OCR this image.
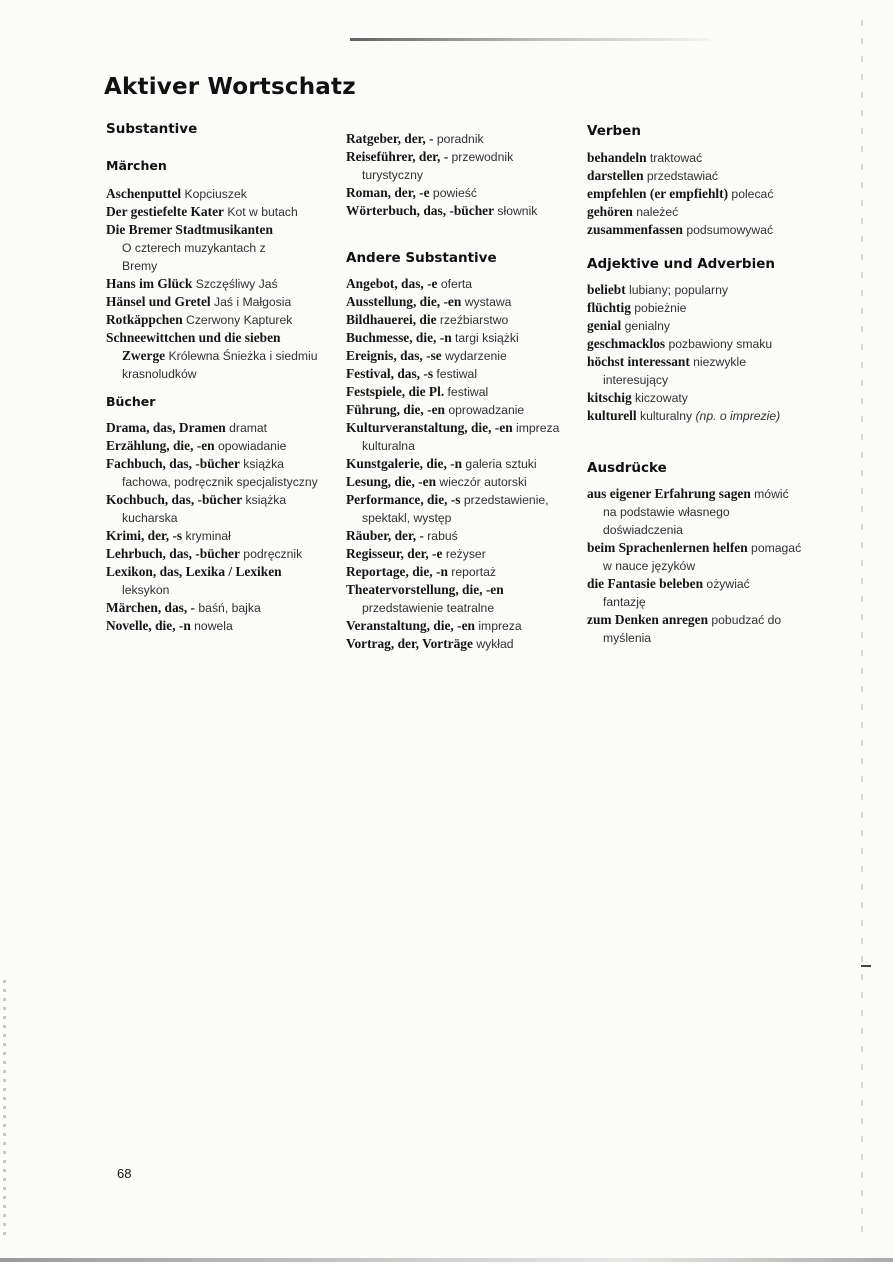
Aktiver Wortschatz
Substantive
Märchen
Aschenputtel Kopciuszek
Der gestiefelte Kater Kot w butach
Die Bremer Stadtmusikanten
O czterech muzykantach z Bremy
Hans im Glück Szczęśliwy Jaś
Hänsel und Gretel Jaś i Małgosia
Rotkäppchen Czerwony Kapturek
Schneewittchen und die sieben Zwerge Królewna Śnieżka i siedmiu krasnoludków
Bücher
Drama, das, Dramen dramat
Erzählung, die, -en opowiadanie
Fachbuch, das, -bücher książka fachowa, podręcznik specjalistyczny
Kochbuch, das, -bücher książka kucharska
Krimi, der, -s kryminał
Lehrbuch, das, -bücher podręcznik
Lexikon, das, Lexika / Lexiken leksykon
Märchen, das, - baśń, bajka
Novelle, die, -n nowela
Ratgeber, der, - poradnik
Reiseführer, der, - przewodnik turystyczny
Roman, der, -e powieść
Wörterbuch, das, -bücher słownik
Andere Substantive
Angebot, das, -e oferta
Ausstellung, die, -en wystawa
Bildhauerei, die rzeźbiarstwo
Buchmesse, die, -n targi książki
Ereignis, das, -se wydarzenie
Festival, das, -s festiwal
Festspiele, die Pl. festiwal
Führung, die, -en oprowadzanie
Kulturveranstaltung, die, -en impreza kulturalna
Kunstgalerie, die, -n galeria sztuki
Lesung, die, -en wieczór autorski
Performance, die, -s przedstawienie, spektakl, występ
Räuber, der, - rabuś
Regisseur, der, -e reżyser
Reportage, die, -n reportaż
Theatervorstellung, die, -en przedstawienie teatralne
Veranstaltung, die, -en impreza
Vortrag, der, Vorträge wykład
Verben
behandeln traktować
darstellen przedstawiać
empfehlen (er empfiehlt) polecać
gehören należeć
zusammenfassen podsumowywać
Adjektive und Adverbien
beliebt lubiany; popularny
flüchtig pobieżnie
genial genialny
geschmacklos pozbawiony smaku
höchst interessant niezwykle interesujący
kitschig kiczowaty
kulturell kulturalny (np. o imprezie)
Ausdrücke
aus eigener Erfahrung sagen mówić na podstawie własnego doświadczenia
beim Sprachenlernen helfen pomagać w nauce języków
die Fantasie beleben ożywiać fantazję
zum Denken anregen pobudzać do myślenia
68
